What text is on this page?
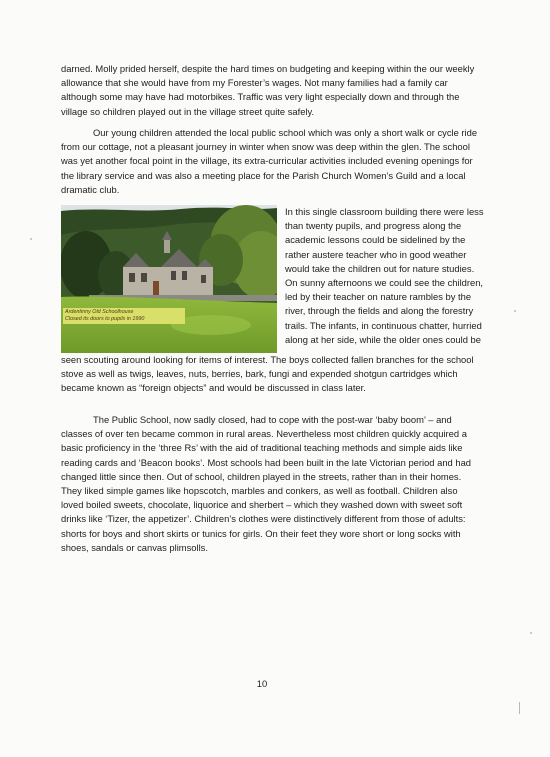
darned. Molly prided herself, despite the hard times on budgeting and keeping within the our weekly allowance that she would have from my Forester’s wages. Not many families had a family car although some may have had motorbikes. Traffic was very light especially down and through the village so children played out in the village street quite safely.

Our young children attended the local public school which was only a short walk or cycle ride from our cottage, not a pleasant journey in winter when snow was deep within the glen. The school was yet another focal point in the village, its extra-curricular activities included evening openings for the library service and was also a meeting place for the Parish Church Women’s Guild and a local dramatic club.

Ardentinny Old Schoolhouse
Closed its doors to pupils in 1990

In this single classroom building there were less than twenty pupils, and progress along the academic lessons could be sidelined by the rather austere teacher who in good weather would take the children out for nature studies. On sunny afternoons we could see the children, led by their teacher on nature rambles by the river, through the fields and along the forestry trails. The infants, in continuous chatter, hurried along at her side, while the older ones could be

seen scouting around looking for items of interest. The boys collected fallen branches for the school stove as well as twigs, leaves, nuts, berries, bark, fungi and expended shotgun cartridges which became known as “foreign objects” and would be discussed in class later.

The Public School, now sadly closed, had to cope with the post-war ‘baby boom’ – and classes of over ten became common in rural areas. Nevertheless most children quickly acquired a basic proficiency in the ‘three Rs’ with the aid of traditional teaching methods and simple aids like reading cards and ‘Beacon books’. Most schools had been built in the late Victorian period and had changed little since then. Out of school, children played in the streets, rather than in their homes. They liked simple games like hopscotch, marbles and conkers, as well as football. Children also loved boiled sweets, chocolate, liquorice and sherbert – which they washed down with sweet soft drinks like ‘Tizer, the appetizer’. Children’s clothes were distinctively different from those of adults: shorts for boys and short skirts or tunics for girls. On their feet they wore short or long socks with shoes, sandals or canvas plimsolls.

10
